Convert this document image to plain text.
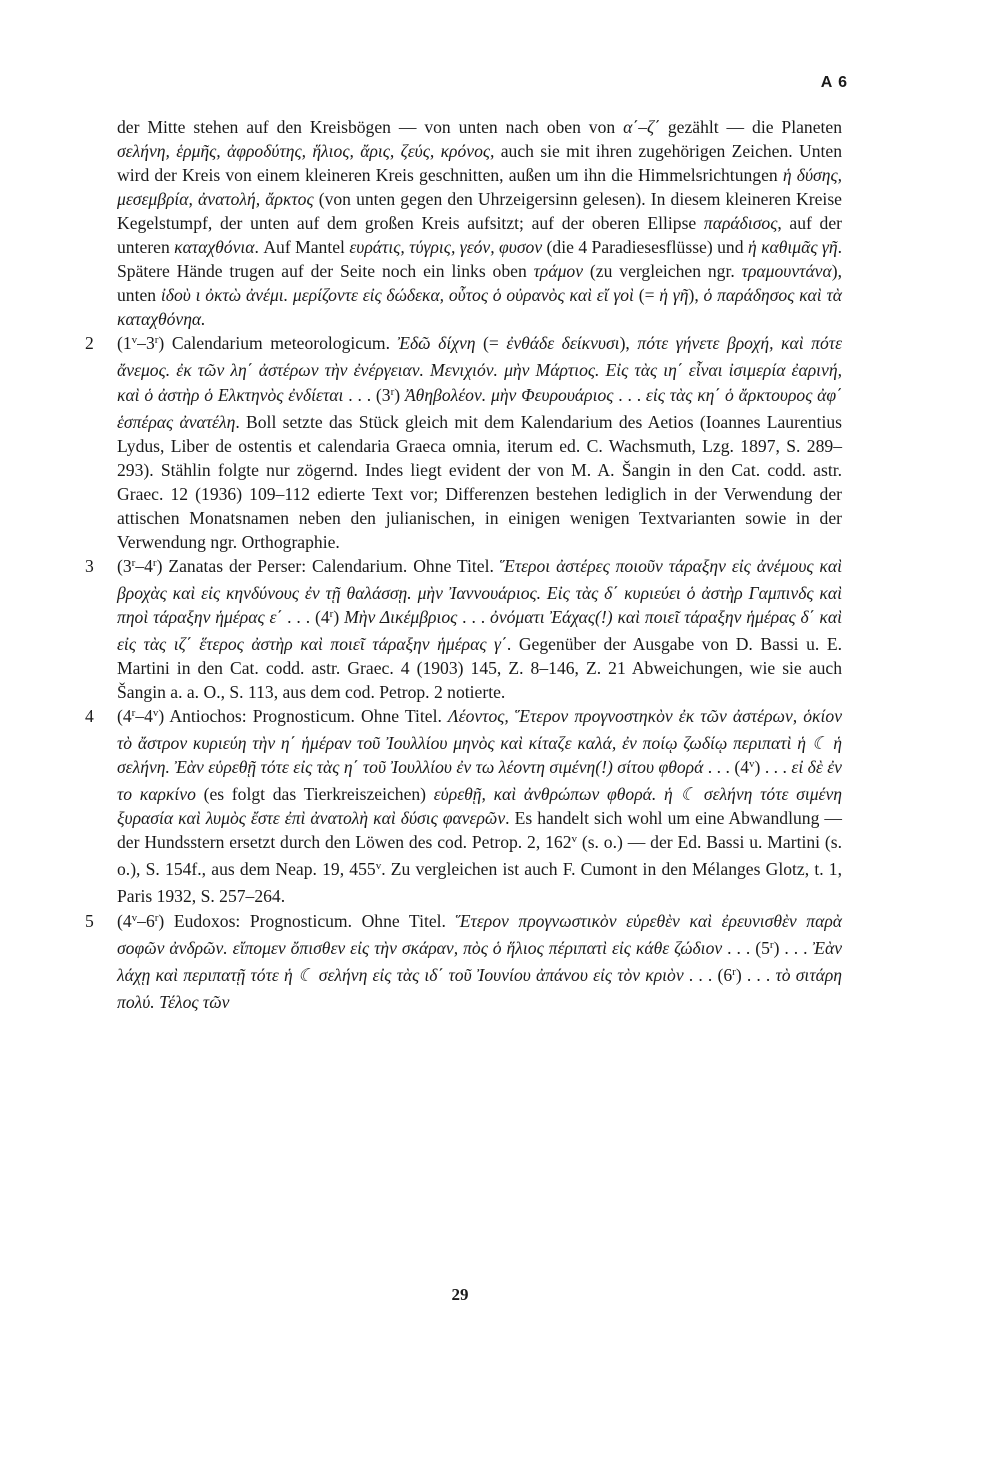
A 6

der Mitte stehen auf den Kreisbögen — von unten nach oben von α΄–ζ΄ gezählt — die Planeten σελήνη, ἑρμῆς, ἀφροδύτης, ἥλιος, ἄρις, ζεύς, κρόνος, auch sie mit ihren zugehörigen Zeichen. Unten wird der Kreis von einem kleineren Kreis geschnitten, außen um ihn die Himmelsrichtungen ἡ δύσης, μεσεμβρία, ἀνατολή, ἄρκτος (von unten gegen den Uhrzeigersinn gelesen). In diesem kleineren Kreise Kegelstumpf, der unten auf dem großen Kreis aufsitzt; auf der oberen Ellipse παράδισος, auf der unteren καταχθόνια. Auf Mantel ευράτις, τύγρις, γεόν, φυσον (die 4 Paradiesesflüsse) und ἡ καθιμᾶς γῆ. Spätere Hände trugen auf der Seite noch ein links oben τράμον (zu vergleichen ngr. τραμουντάνα), unten ἰδοὺ ι ὀκτὼ ἀνέμι. μερίζοντε εἰς δώδεκα, οὗτος ὁ οὐρανὸς καὶ εἴ γοὶ (= ἡ γῆ), ὁ παράδησος καὶ τὰ καταχθόνηα.

2	(1$^v$–3$^r$) Calendarium meteorologicum. Ἐδῶ δίχνη (= ἐνθάδε δείκνυσι), πότε γήνετε βροχή, καὶ πότε ἄνεμος. ἐκ τῶν λη΄ ἀστέρων τὴν ἐνέργειαν. Μενιχιόν. μὴν Μάρτιος. Εἰς τὰς ιη΄ εἶναι ἰσιμερία ἐαρινή, καὶ ὁ ἀστὴρ ὁ Ελκτηνὸς ἐνδίεται . . . (3$^r$) Ἀθηβολέον. μὴν Φευρουάριος . . . εἰς τὰς κη΄ ὁ ἄρκτουρος ἀφ΄ ἑσπέρας ἀνατέλη. Boll setzte das Stück gleich mit dem Kalendarium des Aetios (Ioannes Laurentius Lydus, Liber de ostentis et calendaria Graeca omnia, iterum ed. C. Wachsmuth, Lzg. 1897, S. 289–293). Stählin folgte nur zögernd. Indes liegt evident der von M. A. Šangin in den Cat. codd. astr. Graec. 12 (1936) 109–112 edierte Text vor; Differenzen bestehen lediglich in der Verwendung der attischen Monatsnamen neben den julianischen, in einigen wenigen Textvarianten sowie in der Verwendung ngr. Orthographie.

3	(3$^r$–4$^r$) Zanatas der Perser: Calendarium. Ohne Titel. Ἕτεροι ἀστέρες ποιοῦν τάραξην εἰς ἀνέμους καὶ βροχὰς καὶ εἰς κηνδύνους ἐν τῇ θαλάσσῃ. μὴν Ἰαννουάριος. Εἰς τὰς δ΄ κυριεύει ὁ ἀστὴρ Γαμπινδς καὶ πηοὶ τάραξην ἡμέρας ε΄ . . . (4$^r$) Μὴν Δικέμβριος . . . ὀνόματι Ἐάχας(!) καὶ ποιεῖ τάραξην ἡμέρας δ΄ καὶ εἰς τὰς ιζ΄ ἕτερος ἀστὴρ καὶ ποιεῖ τάραξην ἡμέρας γ΄. Gegenüber der Ausgabe von D. Bassi u. E. Martini in den Cat. codd. astr. Graec. 4 (1903) 145, Z. 8–146, Z. 21 Abweichungen, wie sie auch Šangin a. a. O., S. 113, aus dem cod. Petrop. 2 notierte.

4	(4$^r$–4$^v$) Antiochos: Prognosticum. Ohne Titel. Λέοντος, Ἕτερον προγνοστηκὸν ἐκ τῶν ἀστέρων, ὁκίον τὸ ἄστρον κυριεύη τὴν η΄ ἡμέραν τοῦ Ἰουλλίου μηνὸς καὶ κίταζε καλά, ἐν ποίῳ ζωδίῳ περιπατὶ ἡ ☾ ἡ σελήνη. Ἐὰν εὑρεθῇ τότε εἰς τὰς η΄ τοῦ Ἰουλλίου ἐν τω λέοντη σιμένη(!) σίτου φθορά . . . (4$^v$) . . . εἰ δὲ ἐν το καρκίνο (es folgt das Tierkreiszeichen) εὑρεθῇ, καὶ ἀνθρώπων φθορά. ἡ ☾ σελήνη τότε σιμένη ξυρασία καὶ λυμὸς ἔστε ἐπὶ ἀνατολὴ καὶ δύσις φανερῶν. Es handelt sich wohl um eine Abwandlung — der Hundsstern ersetzt durch den Löwen des cod. Petrop. 2, 162$^v$ (s. o.) — der Ed. Bassi u. Martini (s. o.), S. 154f., aus dem Neap. 19, 455$^v$. Zu vergleichen ist auch F. Cumont in den Mélanges Glotz, t. 1, Paris 1932, S. 257–264.

5	(4$^v$–6$^r$) Eudoxos: Prognosticum. Ohne Titel. Ἕτερον προγνωστικὸν εὑρεθὲν καὶ ἐρευνισθὲν παρὰ σοφῶν ἀνδρῶν. εἴπομεν ὄπισθεν εἰς τὴν σκάραν, πὸς ὁ ἥλιος πέριπατὶ εἰς κάθε ζώδιον . . . (5$^r$) . . . Ἐὰν λάχῃ καὶ περιπατῇ τότε ἡ ☾ σελήνη εἰς τὰς ιδ΄ τοῦ Ἰουνίου ἀπάνου εἰς τὸν κριὸν . . . (6$^r$) . . . τὸ σιτάρη πολύ. Τέλος τῶν

29
